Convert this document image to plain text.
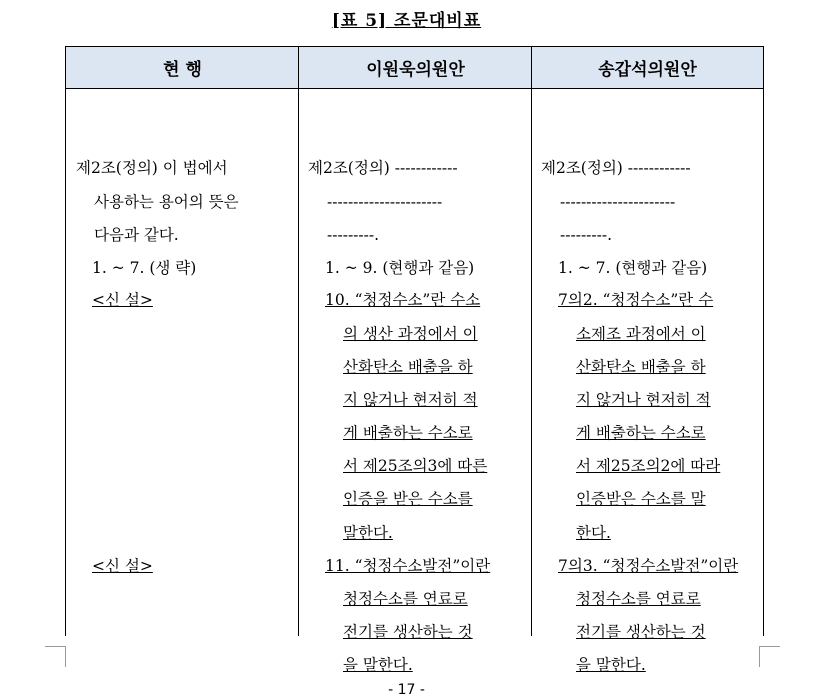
[표 5] 조문대비표
현 행	이원욱의원안	송갑석의원안
제2조(정의) 이 법에서
사용하는 용어의 뜻은
다음과 같다.
1. ~ 7. (생 략)
<신 설>
<신 설>
제2조(정의) ------------
----------------------
---------.
1. ~ 9. (현행과 같음)
10. “청정수소”란 수소
의 생산 과정에서 이
산화탄소 배출을 하
지 않거나 현저히 적
게 배출하는 수소로
서 제25조의3에 따른
인증을 받은 수소를
말한다.
11. “청정수소발전”이란
청정수소를 연료로
전기를 생산하는 것
을 말한다.
제2조(정의) ------------
----------------------
---------.
1. ~ 7. (현행과 같음)
7의2. “청정수소”란 수
소제조 과정에서 이
산화탄소 배출을 하
지 않거나 현저히 적
게 배출하는 수소로
서 제25조의2에 따라
인증받은 수소를 말
한다.
7의3. “청정수소발전”이란
청정수소를 연료로
전기를 생산하는 것
을 말한다.
- 17 -
